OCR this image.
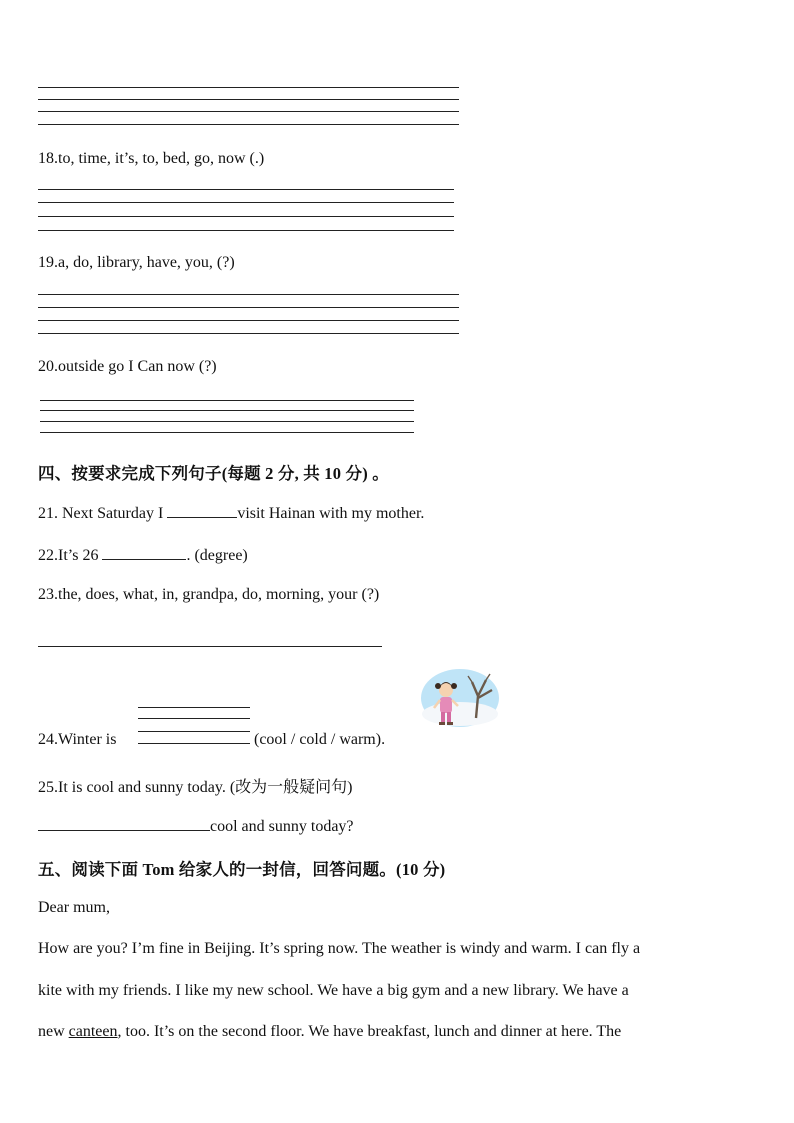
18.to, time, it’s, to, bed, go, now (.)
19.a, do, library, have, you, (?)
20.outside go I Can now (?)
四、按要求完成下列句子(每题 2 分, 共 10 分) 。
21. Next Saturday I	visit Hainan with my mother.
22.It’s 26	. (degree)
23.the, does, what, in, grandpa, do, morning, your (?)
24.Winter is	(cool / cold / warm).
25.It is cool and sunny today. (改为一般疑问句)
cool and sunny today?
五、阅读下面 Tom 给家人的一封信，回答问题。(10 分)
Dear mum,
How are you? I’m fine in Beijing. It’s spring now. The weather is windy and warm. I can fly a
kite with my friends. I like my new school. We have a big gym and a new library. We have a
new canteen, too. It’s on the second floor. We have breakfast, lunch and dinner at here. The
